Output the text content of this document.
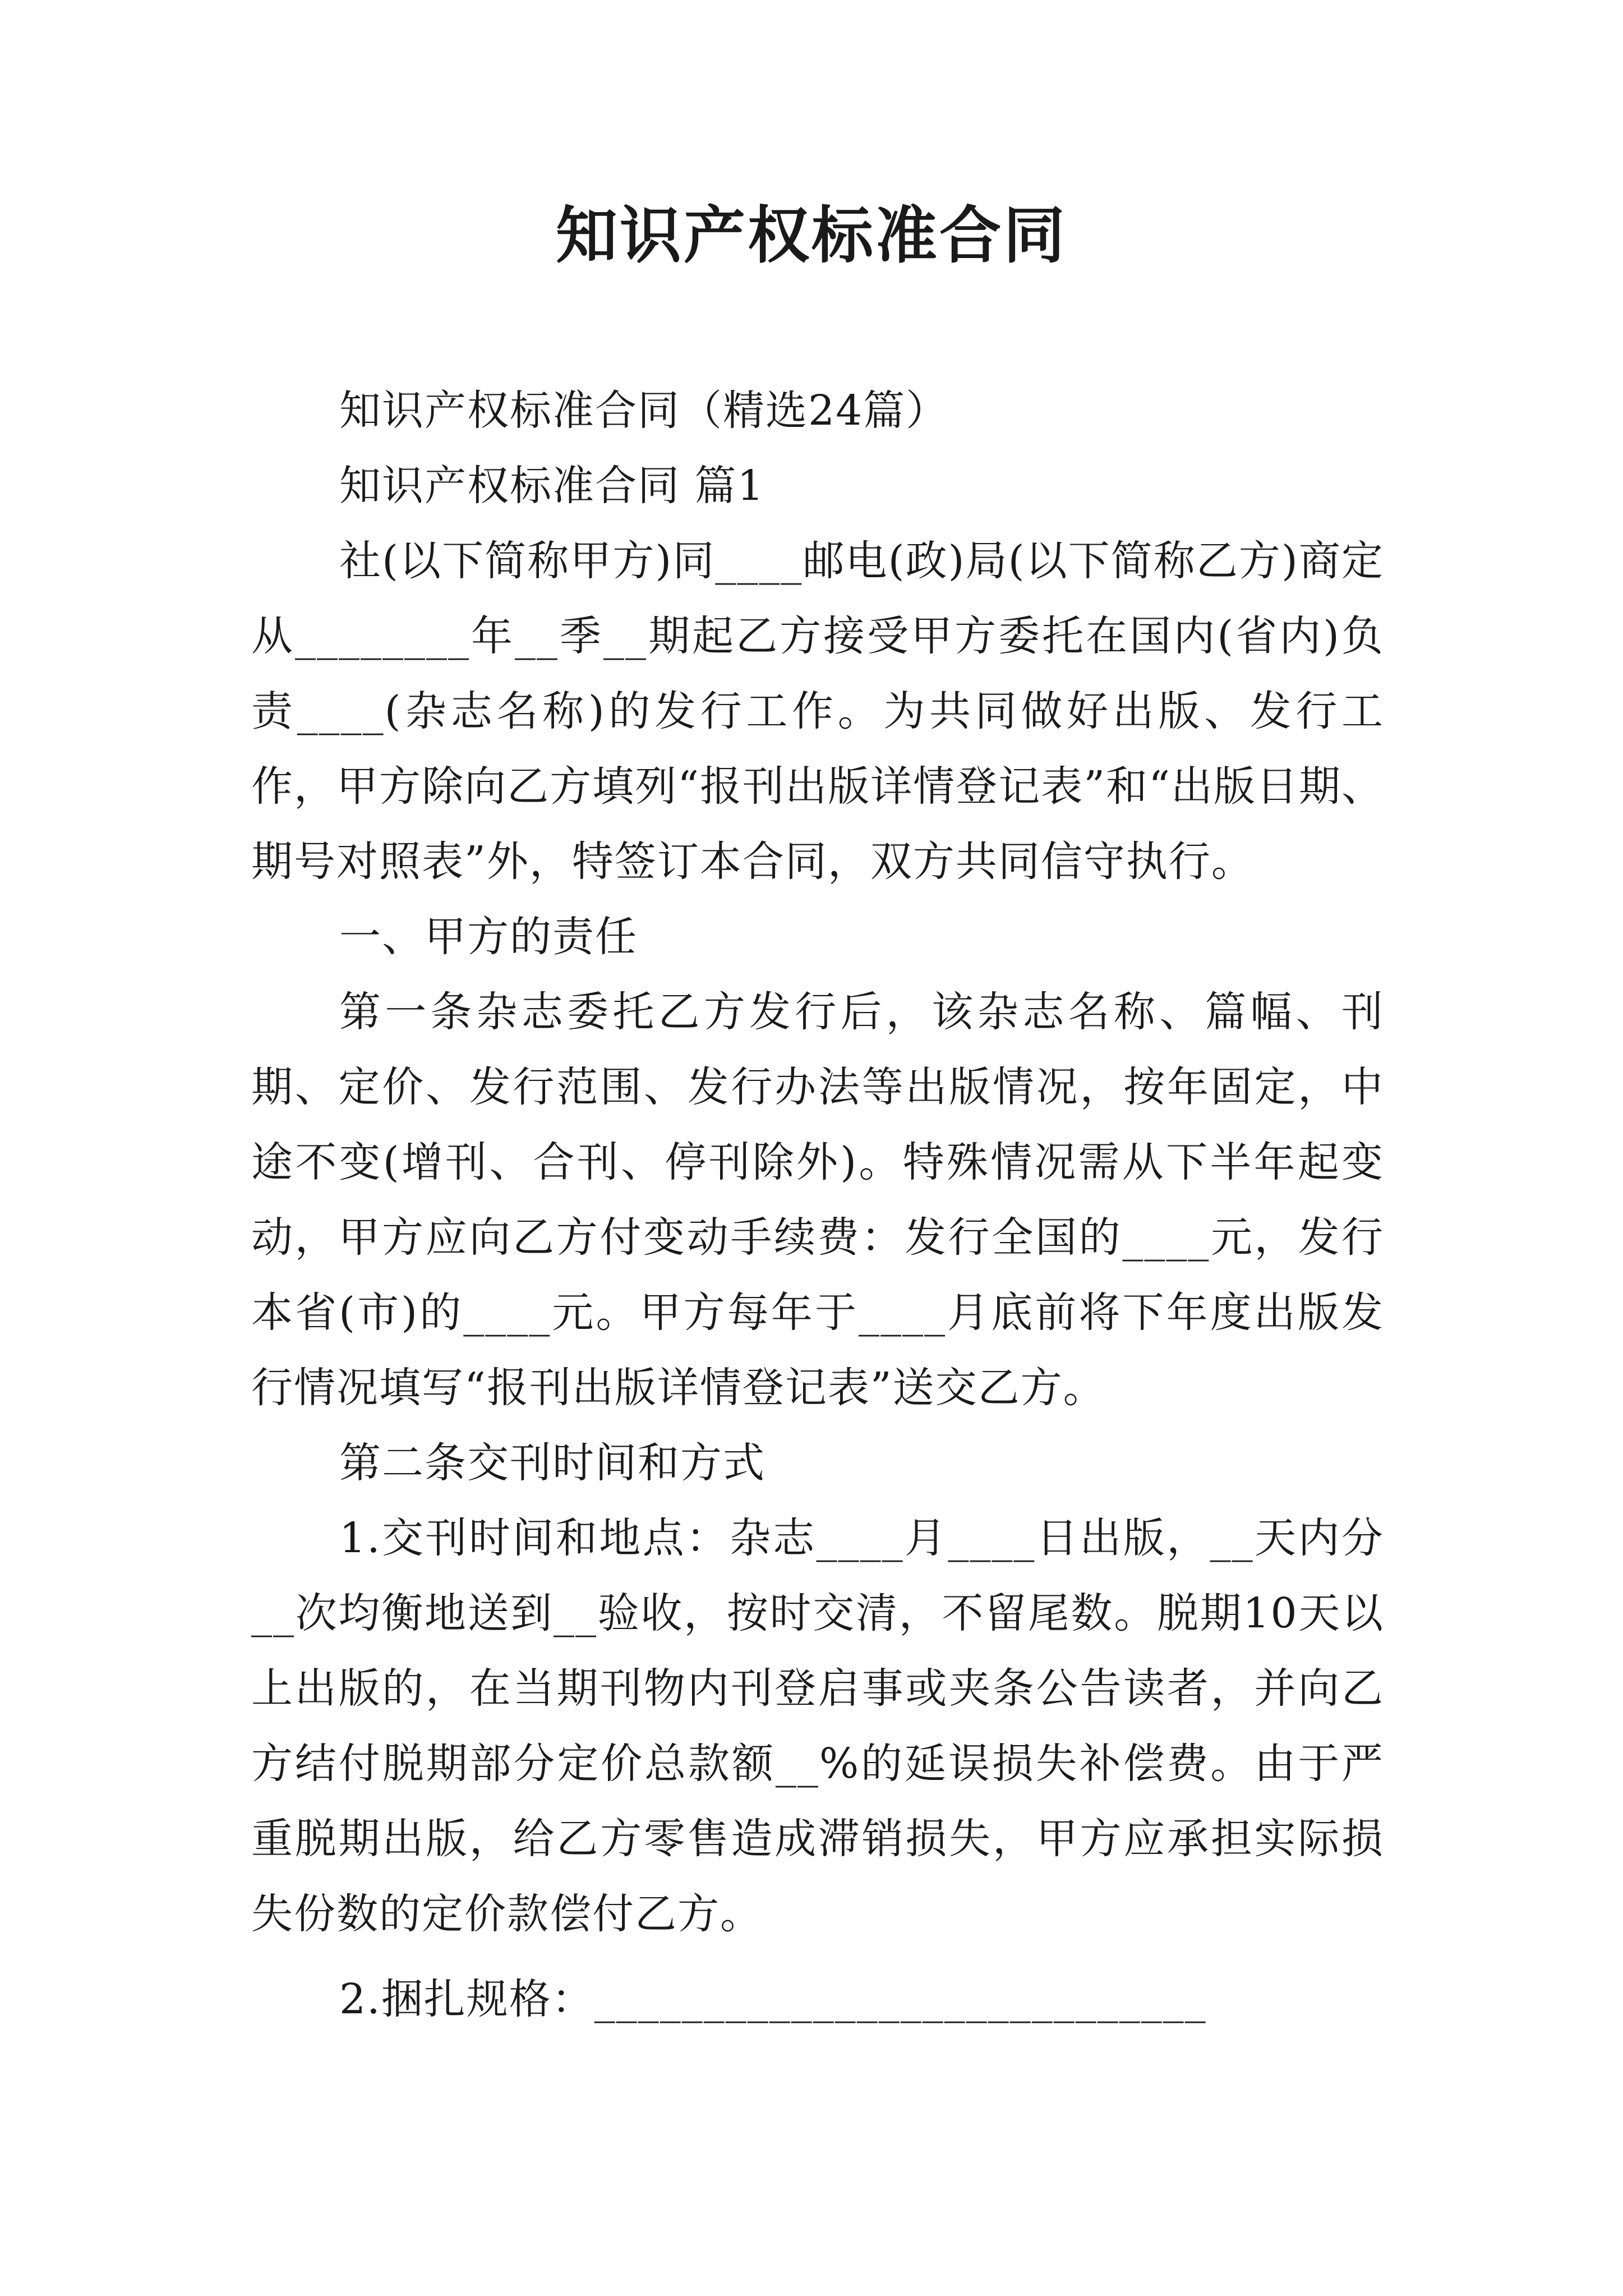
知识产权标准合同

知识产权标准合同（精选24篇）

知识产权标准合同 篇1

社(以下简称甲方)同____邮电(政)局(以下简称乙方)商定从________年__季__期起乙方接受甲方委托在国内(省内)负责____(杂志名称)的发行工作。为共同做好出版、发行工作，甲方除向乙方填列“报刊出版详情登记表”和“出版日期、期号对照表”外，特签订本合同，双方共同信守执行。

一、甲方的责任

第一条杂志委托乙方发行后，该杂志名称、篇幅、刊期、定价、发行范围、发行办法等出版情况，按年固定，中途不变(增刊、合刊、停刊除外)。特殊情况需从下半年起变动，甲方应向乙方付变动手续费：发行全国的____元，发行本省(市)的____元。甲方每年于____月底前将下年度出版发行情况填写“报刊出版详情登记表”送交乙方。

第二条交刊时间和方式

1.交刊时间和地点：杂志____月____日出版，__天内分__次均衡地送到__验收，按时交清，不留尾数。脱期10天以上出版的，在当期刊物内刊登启事或夹条公告读者，并向乙方结付脱期部分定价总款额__%的延误损失补偿费。由于严重脱期出版，给乙方零售造成滞销损失，甲方应承担实际损失份数的定价款偿付乙方。

2.捆扎规格：____________________________
